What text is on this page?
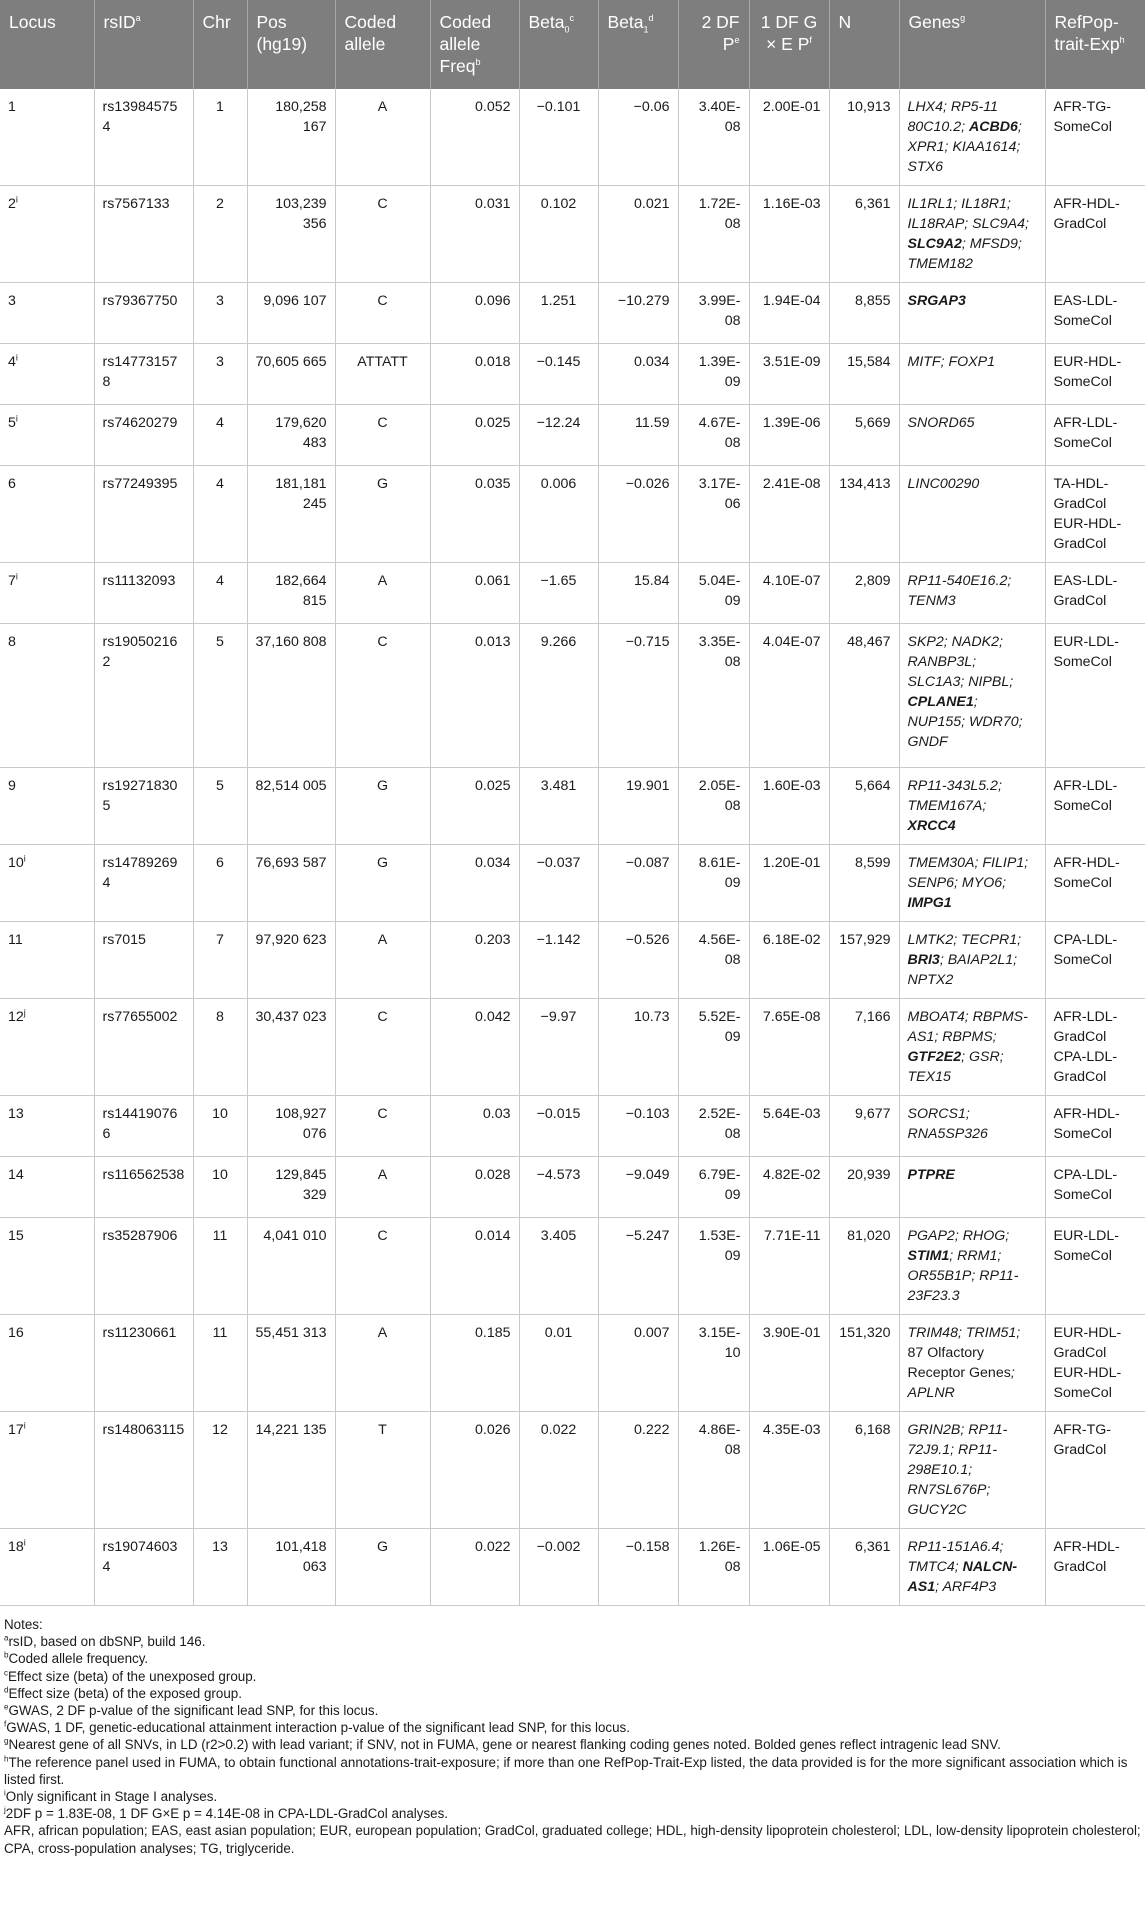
Locus	rsID$^a$	Chr	Pos (hg19)	Coded allele	Coded allele Freq$^b$	Beta$_0^c$	Beta$_1^d$	2 DF $P^e$	1 DF G × E $P^f$	N	Genes$^g$	RefPop-trait-Exp$^h$
1	rs139845754	1	180,258 167	A	0.052	−0.101	−0.06	3.40E-08	2.00E-01	10,913	LHX4; RP5-11 80C10.2; ACBD6; XPR1; KIAA1614; STX6	AFR-TG-SomeCol
2$^i$	rs7567133	2	103,239 356	C	0.031	0.102	0.021	1.72E-08	1.16E-03	6,361	IL1RL1; IL18R1; IL18RAP; SLC9A4; SLC9A2; MFSD9; TMEM182	AFR-HDL-GradCol
3	rs79367750	3	9,096 107	C	0.096	1.251	−10.279	3.99E-08	1.94E-04	8,855	SRGAP3	EAS-LDL-SomeCol
4$^i$	rs147731578	3	70,605 665	ATTATT	0.018	−0.145	0.034	1.39E-09	3.51E-09	15,584	MITF; FOXP1	EUR-HDL-SomeCol
5$^i$	rs74620279	4	179,620 483	C	0.025	−12.24	11.59	4.67E-08	1.39E-06	5,669	SNORD65	AFR-LDL-SomeCol
6	rs77249395	4	181,181 245	G	0.035	0.006	−0.026	3.17E-06	2.41E-08	134,413	LINC00290	TA-HDL-GradCol EUR-HDL-GradCol
7$^i$	rs11132093	4	182,664 815	A	0.061	−1.65	15.84	5.04E-09	4.10E-07	2,809	RP11-540E16.2; TENM3	EAS-LDL-GradCol
8	rs190502162	5	37,160 808	C	0.013	9.266	−0.715	3.35E-08	4.04E-07	48,467	SKP2; NADK2; RANBP3L; SLC1A3; NIPBL; CPLANE1; NUP155; WDR70; GNDF	EUR-LDL-SomeCol
9	rs192718305	5	82,514 005	G	0.025	3.481	19.901	2.05E-08	1.60E-03	5,664	RP11-343L5.2; TMEM167A; XRCC4	AFR-LDL-SomeCol
10$^i$	rs147892694	6	76,693 587	G	0.034	−0.037	−0.087	8.61E-09	1.20E-01	8,599	TMEM30A; FILIP1; SENP6; MYO6; IMPG1	AFR-HDL-SomeCol
11	rs7015	7	97,920 623	A	0.203	−1.142	−0.526	4.56E-08	6.18E-02	157,929	LMTK2; TECPR1; BRI3; BAIAP2L1; NPTX2	CPA-LDL-SomeCol
12$^j$	rs77655002	8	30,437 023	C	0.042	−9.97	10.73	5.52E-09	7.65E-08	7,166	MBOAT4; RBPMS-AS1; RBPMS; GTF2E2; GSR; TEX15	AFR-LDL-GradCol CPA-LDL-GradCol
13	rs144190766	10	108,927 076	C	0.03	−0.015	−0.103	2.52E-08	5.64E-03	9,677	SORCS1; RNA5SP326	AFR-HDL-SomeCol
14	rs116562538	10	129,845 329	A	0.028	−4.573	−9.049	6.79E-09	4.82E-02	20,939	PTPRE	CPA-LDL-SomeCol
15	rs35287906	11	4,041 010	C	0.014	3.405	−5.247	1.53E-09	7.71E-11	81,020	PGAP2; RHOG; STIM1; RRM1; OR55B1P; RP11-23F23.3	EUR-LDL-SomeCol
16	rs11230661	11	55,451 313	A	0.185	0.01	0.007	3.15E-10	3.90E-01	151,320	TRIM48; TRIM51; 87 Olfactory Receptor Genes; APLNR	EUR-HDL-GradCol EUR-HDL-SomeCol
17$^i$	rs148063115	12	14,221 135	T	0.026	0.022	0.222	4.86E-08	4.35E-03	6,168	GRIN2B; RP11-72J9.1; RP11-298E10.1; RN7SL676P; GUCY2C	AFR-TG-GradCol
18$^i$	rs190746034	13	101,418 063	G	0.022	−0.002	−0.158	1.26E-08	1.06E-05	6,361	RP11-151A6.4; TMTC4; NALCN-AS1; ARF4P3	AFR-HDL-GradCol

Notes:

$^a$rsID, based on dbSNP, build 146.

$^b$Coded allele frequency.

$^c$Effect size (beta) of the unexposed group.

$^d$Effect size (beta) of the exposed group.

$^e$GWAS, 2 DF p-value of the significant lead SNP, for this locus.

$^f$GWAS, 1 DF, genetic-educational attainment interaction p-value of the significant lead SNP, for this locus.

$^g$Nearest gene of all SNVs, in LD (r2>0.2) with lead variant; if SNV, not in FUMA, gene or nearest flanking coding genes noted. Bolded genes reflect intragenic lead SNV.

$^h$The reference panel used in FUMA, to obtain functional annotations-trait-exposure; if more than one RefPop-Trait-Exp listed, the data provided is for the more significant association which is listed first.

$^i$Only significant in Stage I analyses.

$^j$2DF p = 1.83E-08, 1 DF G×E p = 4.14E-08 in CPA-LDL-GradCol analyses.

AFR, african population; EAS, east asian population; EUR, european population; GradCol, graduated college; HDL, high-density lipoprotein cholesterol; LDL, low-density lipoprotein cholesterol; CPA, cross-population analyses; TG, triglyceride.
